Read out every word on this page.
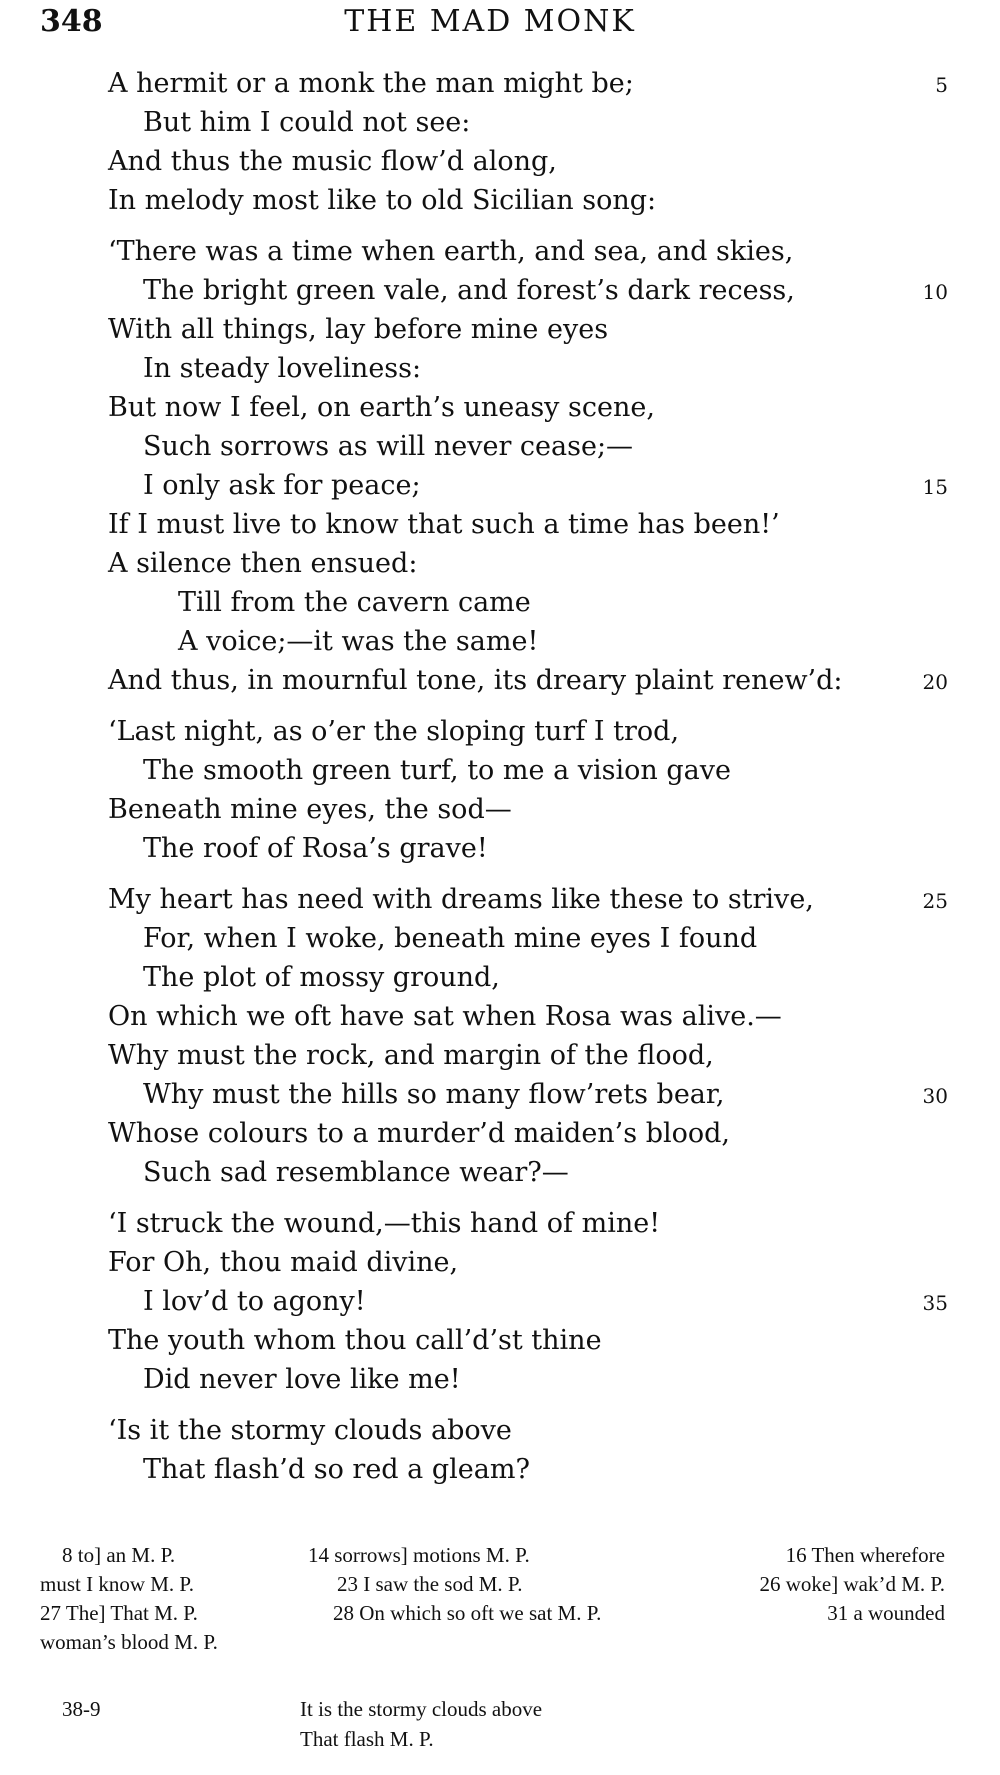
348	THE MAD MONK
A hermit or a monk the man might be;	5
But him I could not see:
And thus the music flow’d along,
In melody most like to old Sicilian song:
‘There was a time when earth, and sea, and skies,
The bright green vale, and forest’s dark recess,	10
With all things, lay before mine eyes
In steady loveliness:
But now I feel, on earth’s uneasy scene,
Such sorrows as will never cease;—
I only ask for peace;	15
If I must live to know that such a time has been!’
A silence then ensued:
Till from the cavern came
A voice;—it was the same!
And thus, in mournful tone, its dreary plaint renew’d:	20
‘Last night, as o’er the sloping turf I trod,
The smooth green turf, to me a vision gave
Beneath mine eyes, the sod—
The roof of Rosa’s grave!
My heart has need with dreams like these to strive,	25
For, when I woke, beneath mine eyes I found
The plot of mossy ground,
On which we oft have sat when Rosa was alive.—
Why must the rock, and margin of the flood,
Why must the hills so many flow’rets bear,	30
Whose colours to a murder’d maiden’s blood,
Such sad resemblance wear?—
‘I struck the wound,—this hand of mine!
For Oh, thou maid divine,
I lov’d to agony!	35
The youth whom thou call’d’st thine
Did never love like me!
‘Is it the stormy clouds above
That flash’d so red a gleam?
8 to] an M. P.	14 sorrows] motions M. P.	16 Then wherefore
must I know M. P.	23 I saw the sod M. P.	26 woke] wak’d M. P.
27 The] That M. P.	28 On which so oft we sat M. P.	31 a wounded
woman’s blood M. P.
38-9	It is the stormy clouds above
That flash M. P.
